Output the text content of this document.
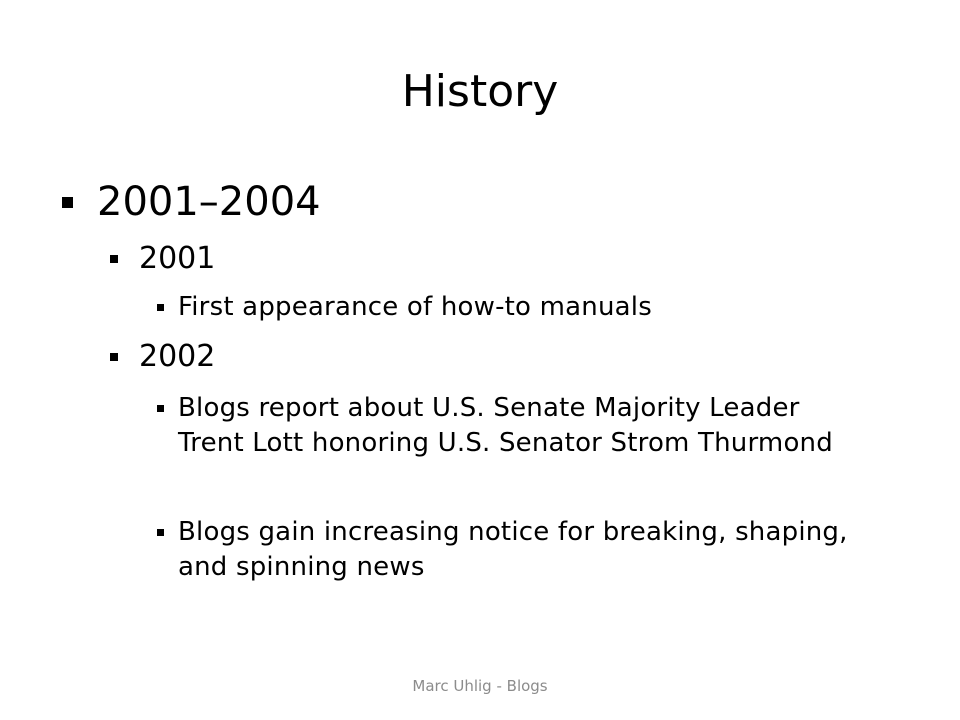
History
2001–2004
2001
First appearance of how-to manuals
2002
Blogs report about U.S. Senate Majority Leader Trent Lott honoring U.S. Senator Strom Thurmond
Blogs gain increasing notice for breaking, shaping, and spinning news
Marc Uhlig - Blogs
